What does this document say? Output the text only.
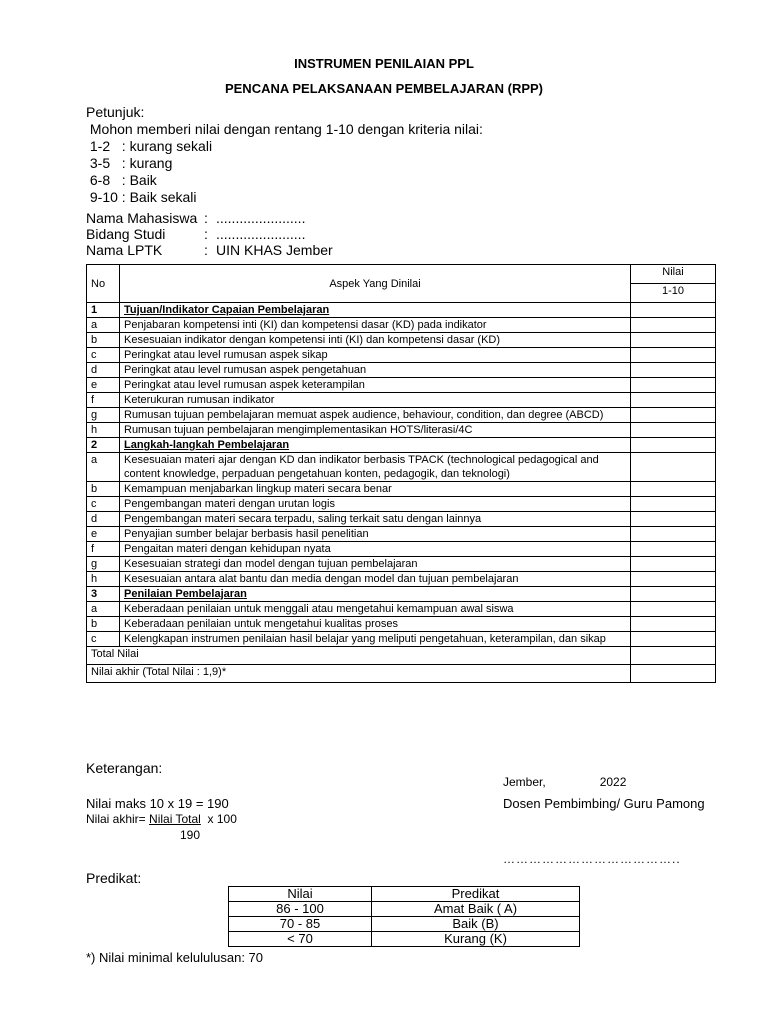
INSTRUMEN PENILAIAN PPL
PENCANA PELAKSANAAN PEMBELAJARAN (RPP)
Petunjuk:
Mohon memberi nilai dengan rentang 1-10 dengan kriteria nilai:
1-2   : kurang sekali
3-5   : kurang
6-8   : Baik
9-10 : Baik sekali
Nama Mahasiswa : .......................
Bidang Studi	: .......................
Nama LPTK	: UIN KHAS Jember
No	Aspek Yang Dinilai	Nilai
		1-10
1	Tujuan/Indikator Capaian Pembelajaran	
a	Penjabaran kompetensi inti (KI) dan kompetensi dasar (KD) pada indikator	
b	Kesesuaian indikator dengan kompetensi inti (KI) dan kompetensi dasar (KD)	
c	Peringkat atau level rumusan aspek sikap	
d	Peringkat atau level rumusan aspek pengetahuan	
e	Peringkat atau level rumusan aspek keterampilan	
f	Keterukuran rumusan indikator	
g	Rumusan tujuan pembelajaran memuat aspek audience, behaviour, condition, dan degree (ABCD)	
h	Rumusan tujuan pembelajaran mengimplementasikan HOTS/literasi/4C	
2	Langkah-langkah Pembelajaran	
a	Kesesuaian materi ajar dengan KD dan indikator berbasis TPACK (technological pedagogical and content knowledge, perpaduan pengetahuan konten, pedagogik, dan teknologi)	
b	Kemampuan menjabarkan lingkup materi secara benar	
c	Pengembangan materi dengan urutan logis	
d	Pengembangan materi secara terpadu, saling terkait satu dengan lainnya	
e	Penyajian sumber belajar berbasis hasil penelitian	
f	Pengaitan materi dengan kehidupan nyata	
g	Kesesuaian strategi dan model dengan tujuan pembelajaran	
h	Kesesuaian antara alat bantu dan media dengan model dan tujuan pembelajaran	
3	Penilaian Pembelajaran	
a	Keberadaan penilaian untuk menggali atau mengetahui kemampuan awal siswa	
b	Keberadaan penilaian untuk mengetahui kualitas proses	
c	Kelengkapan instrumen penilaian hasil belajar yang meliputi pengetahuan, keterampilan, dan sikap	
Total Nilai		
Nilai akhir (Total Nilai : 1,9)*		
Keterangan:
Jember,	2022
Nilai maks 10 x 19 = 190	Dosen Pembimbing/ Guru Pamong
Nilai akhir= Nilai Total  x 100
190
…………………………………..
Predikat:
Nilai	Predikat
86 - 100	Amat Baik ( A)
70 - 85	Baik (B)
< 70	Kurang (K)
*) Nilai minimal kelululusan: 70
